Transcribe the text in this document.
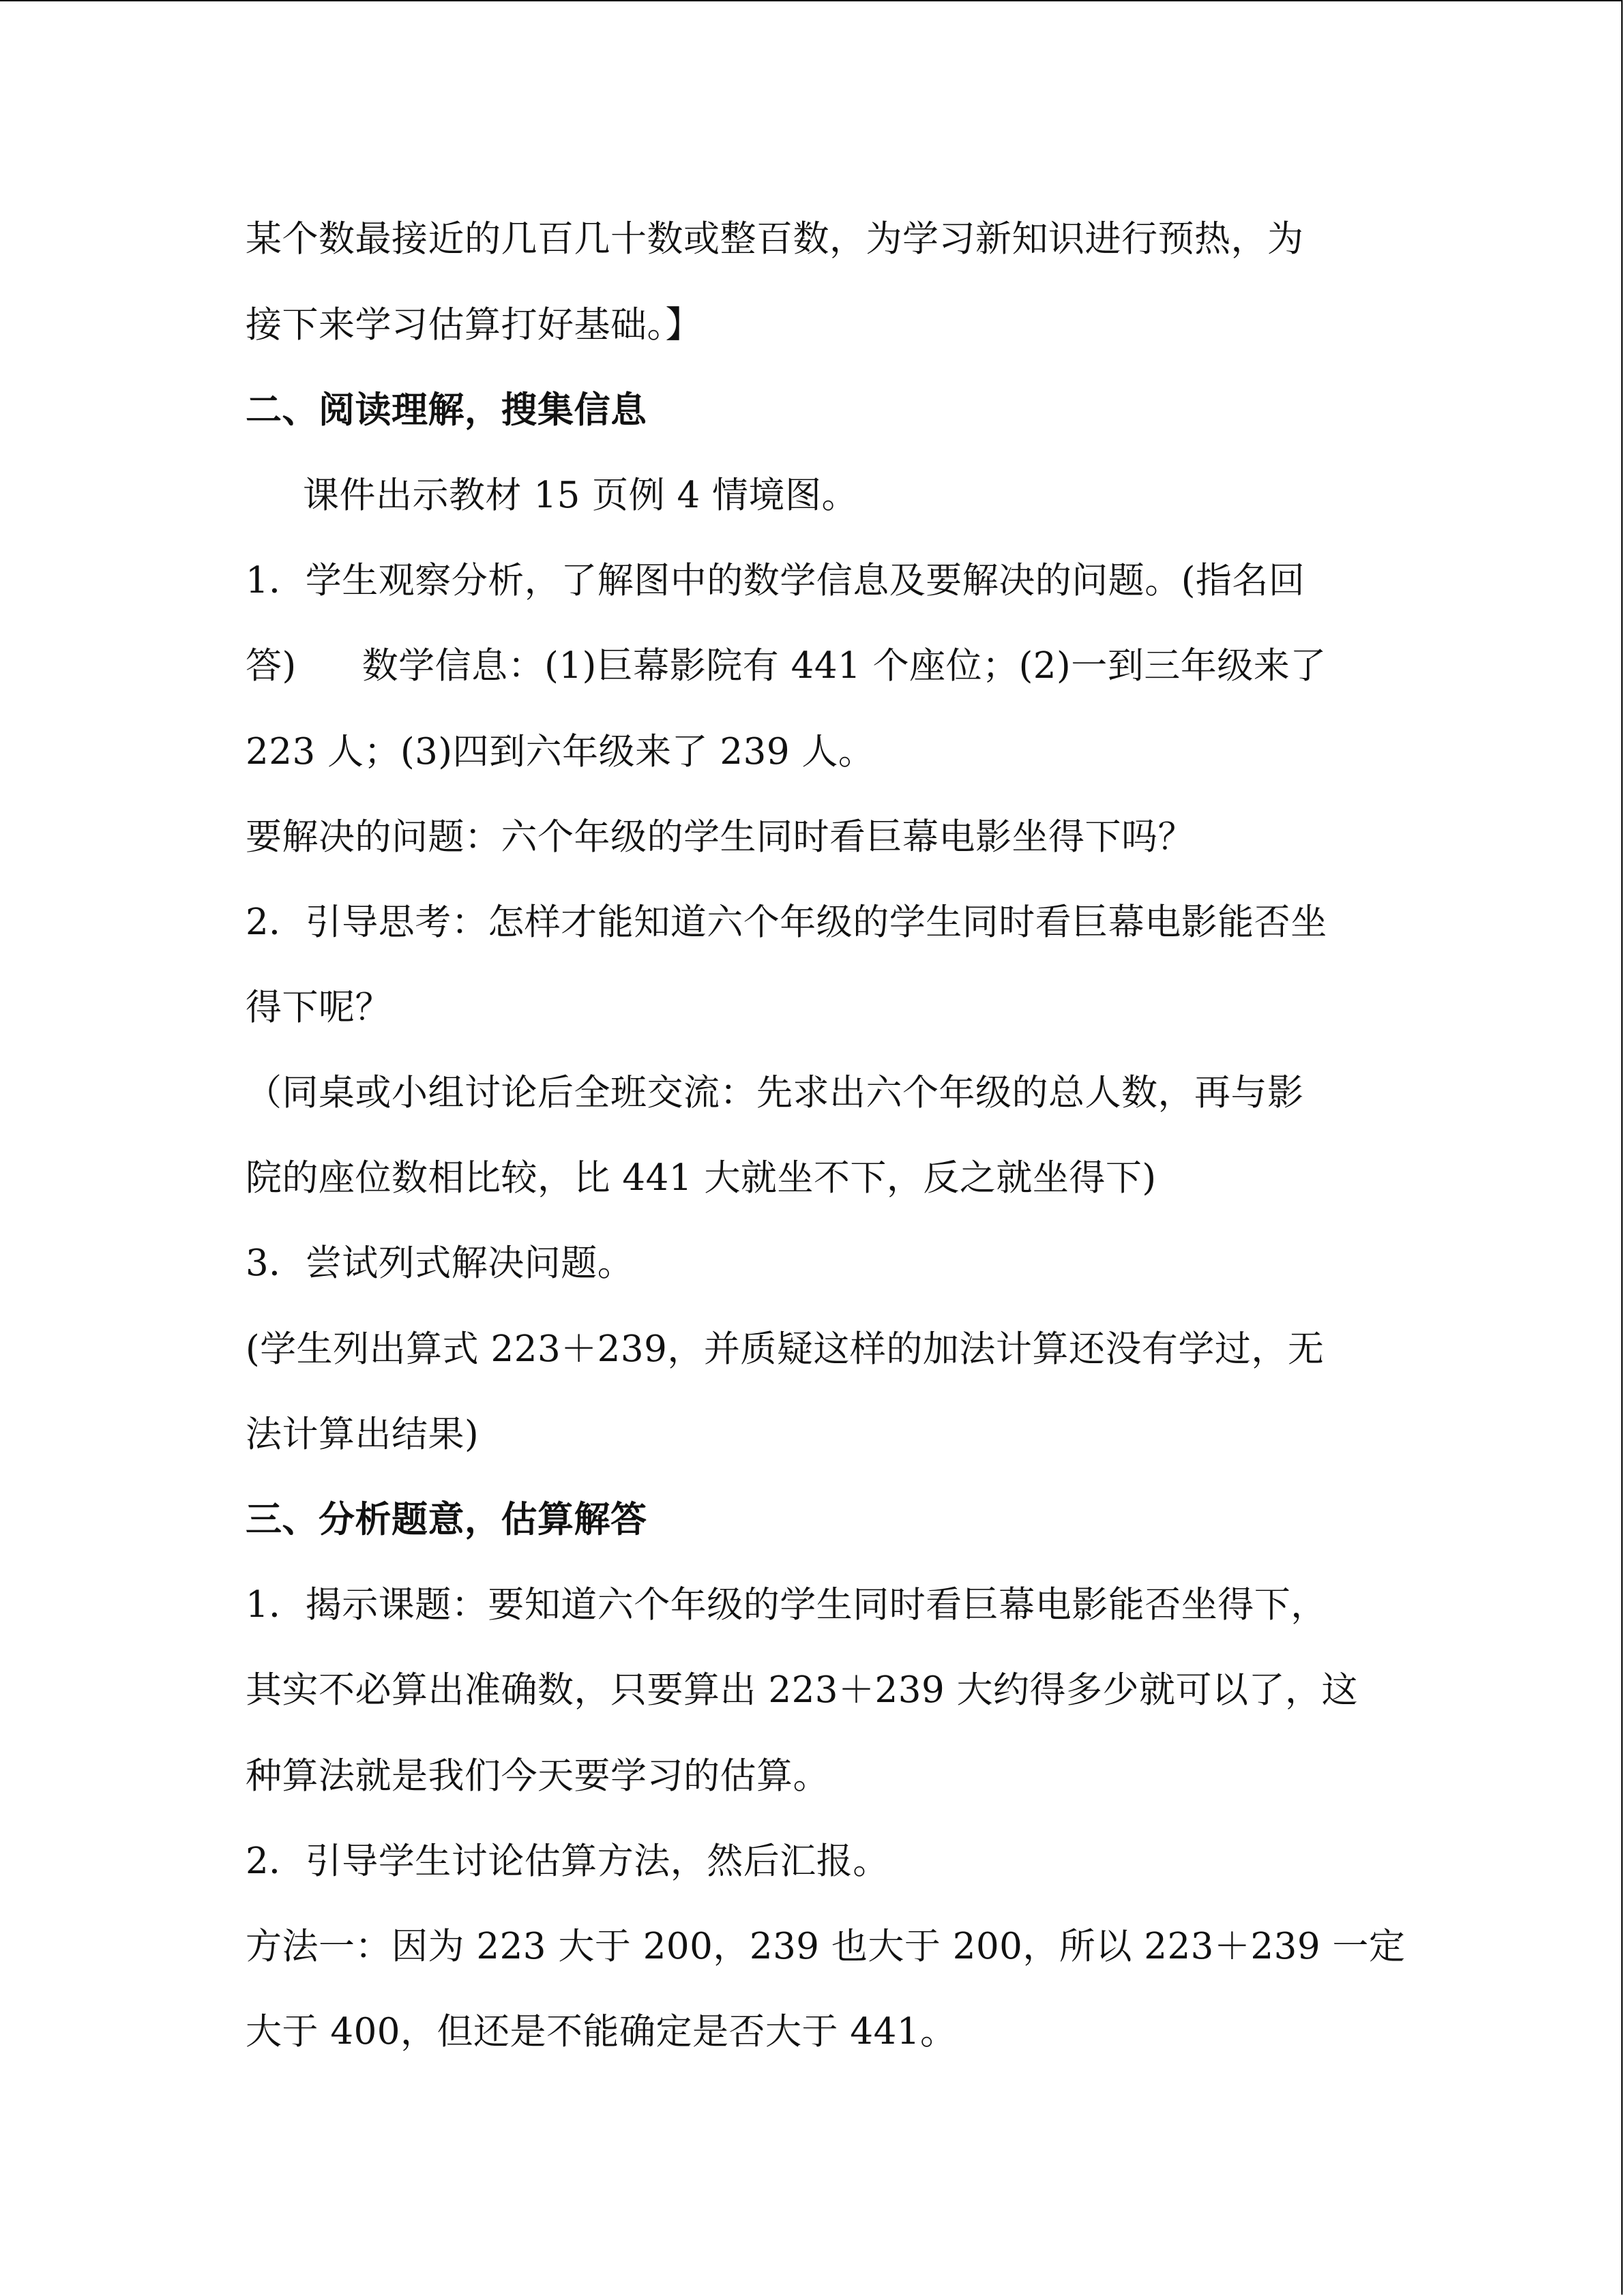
某个数最接近的几百几十数或整百数，为学习新知识进行预热，为
接下来学习估算打好基础。】
二、阅读理解，搜集信息
课件出示教材 15 页例 4 情境图。
1．学生观察分析，了解图中的数学信息及要解决的问题。(指名回
答) 数学信息：(1)巨幕影院有 441 个座位；(2)一到三年级来了
223 人；(3)四到六年级来了 239 人。
要解决的问题：六个年级的学生同时看巨幕电影坐得下吗？
2．引导思考：怎样才能知道六个年级的学生同时看巨幕电影能否坐
得下呢？
（同桌或小组讨论后全班交流：先求出六个年级的总人数，再与影
院的座位数相比较，比 441 大就坐不下，反之就坐得下)
3．尝试列式解决问题。
(学生列出算式 223＋239，并质疑这样的加法计算还没有学过，无
法计算出结果)
三、分析题意，估算解答
1．揭示课题：要知道六个年级的学生同时看巨幕电影能否坐得下，
其实不必算出准确数，只要算出 223＋239 大约得多少就可以了，这
种算法就是我们今天要学习的估算。
2．引导学生讨论估算方法，然后汇报。
方法一：因为 223 大于 200，239 也大于 200，所以 223＋239 一定
大于 400，但还是不能确定是否大于 441。
